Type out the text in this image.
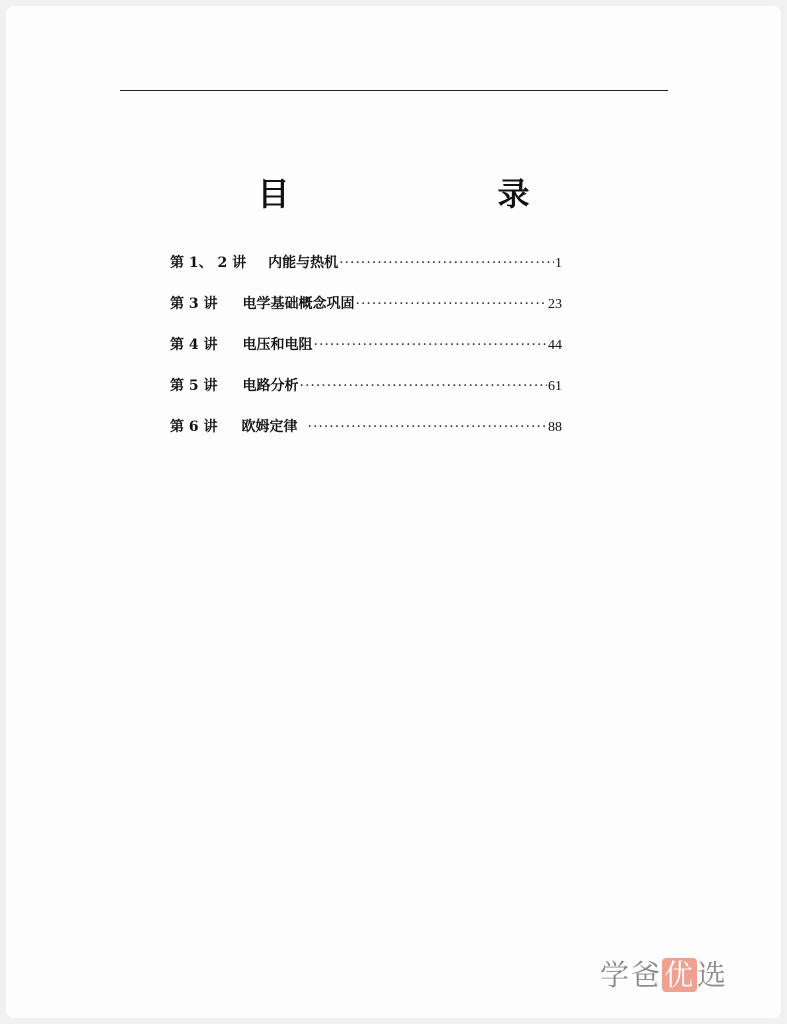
目　录
第 1、 2 讲 内能与热机 ·····	1
第 3 讲 电学基础概念巩固 ·····	23
第 4 讲 电压和电阻 ·····	44
第 5 讲 电路分析 ·····	61
第 6 讲 欧姆定律 ·····	88
学爸优选
